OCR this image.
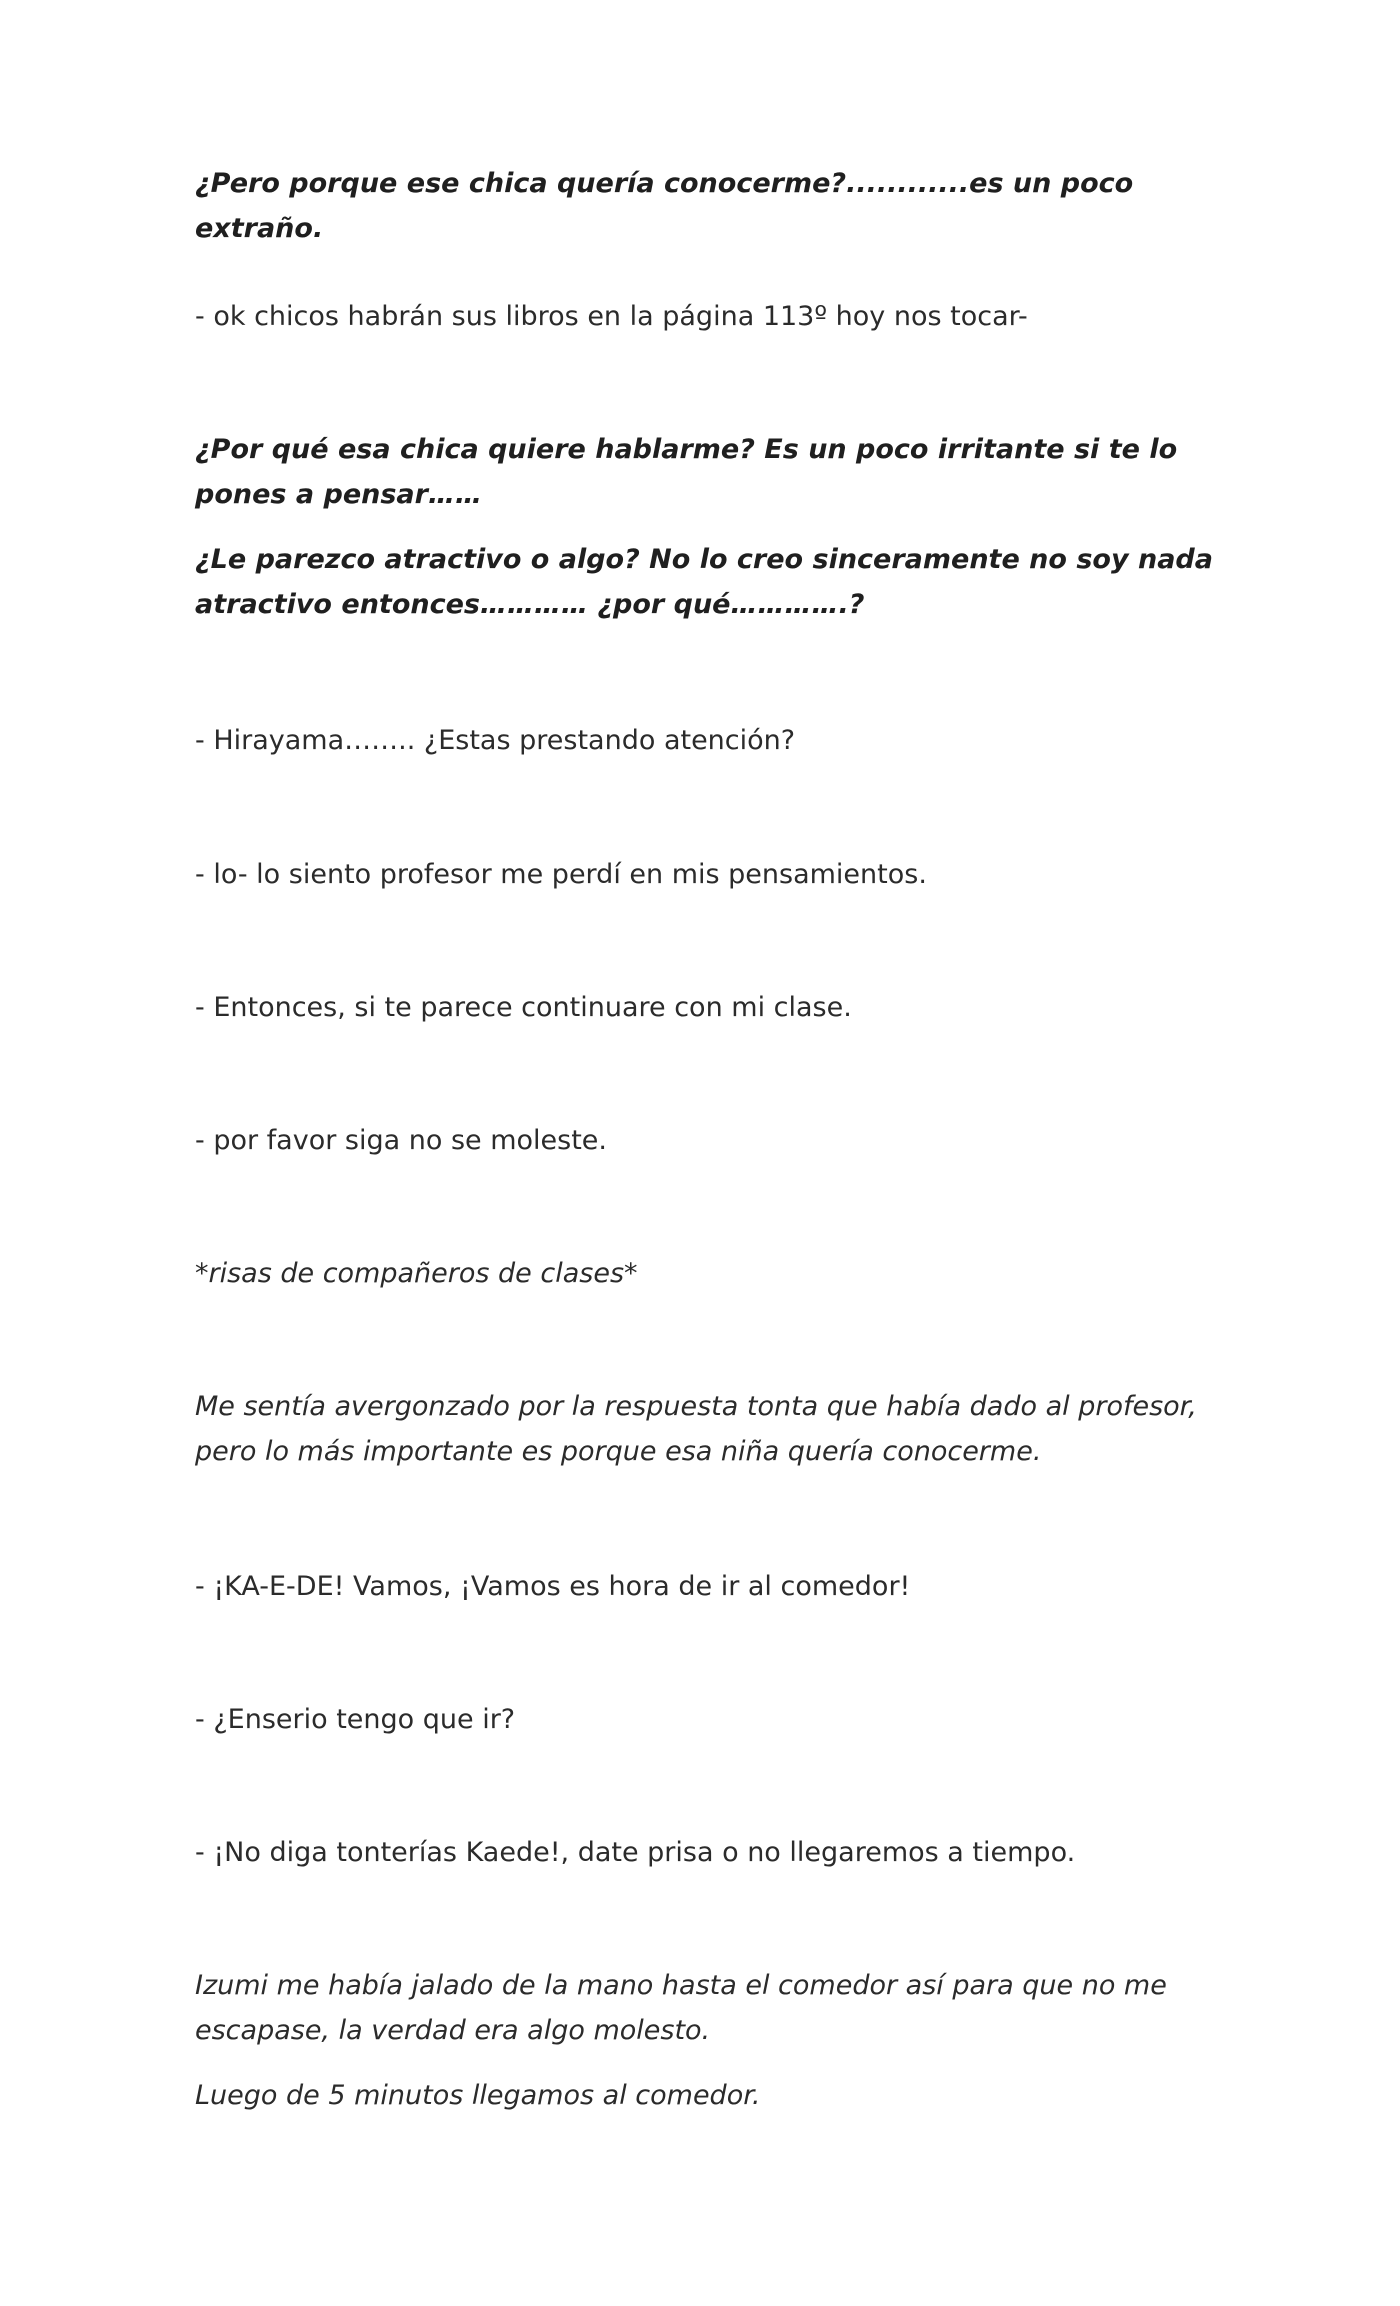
¿Pero porque ese chica quería conocerme?............es un poco extraño.

- ok chicos habrán sus libros en la página 113º hoy nos tocar-

¿Por qué esa chica quiere hablarme? Es un poco irritante si te lo pones a pensar……

¿Le parezco atractivo o algo? No lo creo sinceramente no soy nada atractivo entonces………… ¿por qué………….?

- Hirayama…….. ¿Estas prestando atención?

- lo- lo siento profesor me perdí en mis pensamientos.

- Entonces, si te parece continuare con mi clase.

- por favor siga no se moleste.

*risas de compañeros de clases*

Me sentía avergonzado por la respuesta tonta que había dado al profesor, pero lo más importante es porque esa niña quería conocerme.

- ¡KA-E-DE! Vamos, ¡Vamos es hora de ir al comedor!

- ¿Enserio tengo que ir?

- ¡No diga tonterías Kaede!, date prisa o no llegaremos a tiempo.

Izumi me había jalado de la mano hasta el comedor así para que no me escapase, la verdad era algo molesto.

Luego de 5 minutos llegamos al comedor.
